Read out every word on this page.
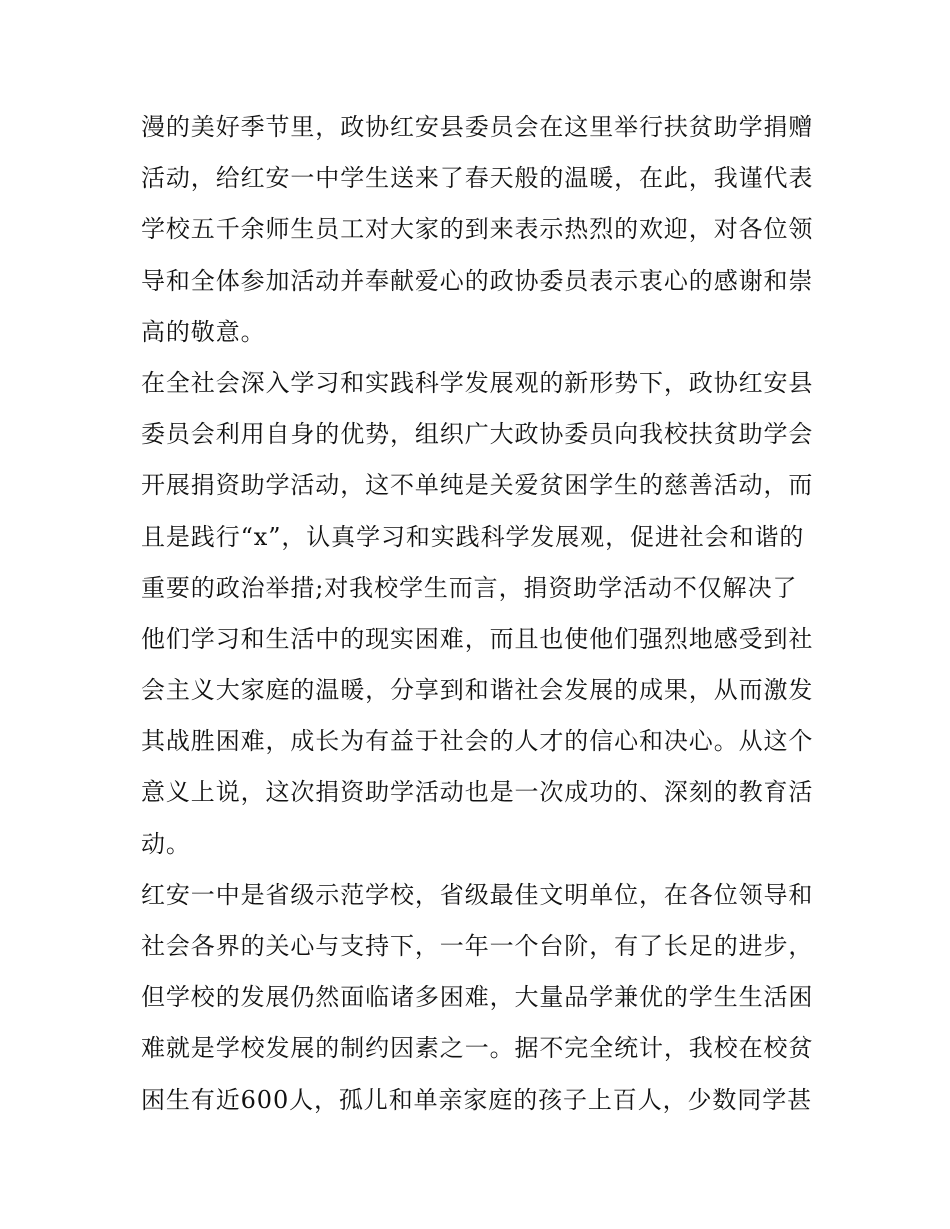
漫的美好季节里，政协红安县委员会在这里举行扶贫助学捐赠
活动，给红安一中学生送来了春天般的温暖，在此，我谨代表
学校五千余师生员工对大家的到来表示热烈的欢迎，对各位领
导和全体参加活动并奉献爱心的政协委员表示衷心的感谢和崇
高的敬意。
在全社会深入学习和实践科学发展观的新形势下，政协红安县
委员会利用自身的优势，组织广大政协委员向我校扶贫助学会
开展捐资助学活动，这不单纯是关爱贫困学生的慈善活动，而
且是践行“x”，认真学习和实践科学发展观，促进社会和谐的
重要的政治举措;对我校学生而言，捐资助学活动不仅解决了
他们学习和生活中的现实困难，而且也使他们强烈地感受到社
会主义大家庭的温暖，分享到和谐社会发展的成果，从而激发
其战胜困难，成长为有益于社会的人才的信心和决心。从这个
意义上说，这次捐资助学活动也是一次成功的、深刻的教育活
动。
红安一中是省级示范学校，省级最佳文明单位，在各位领导和
社会各界的关心与支持下，一年一个台阶，有了长足的进步，
但学校的发展仍然面临诸多困难，大量品学兼优的学生生活困
难就是学校发展的制约因素之一。据不完全统计，我校在校贫
困生有近600人，孤儿和单亲家庭的孩子上百人，少数同学甚
